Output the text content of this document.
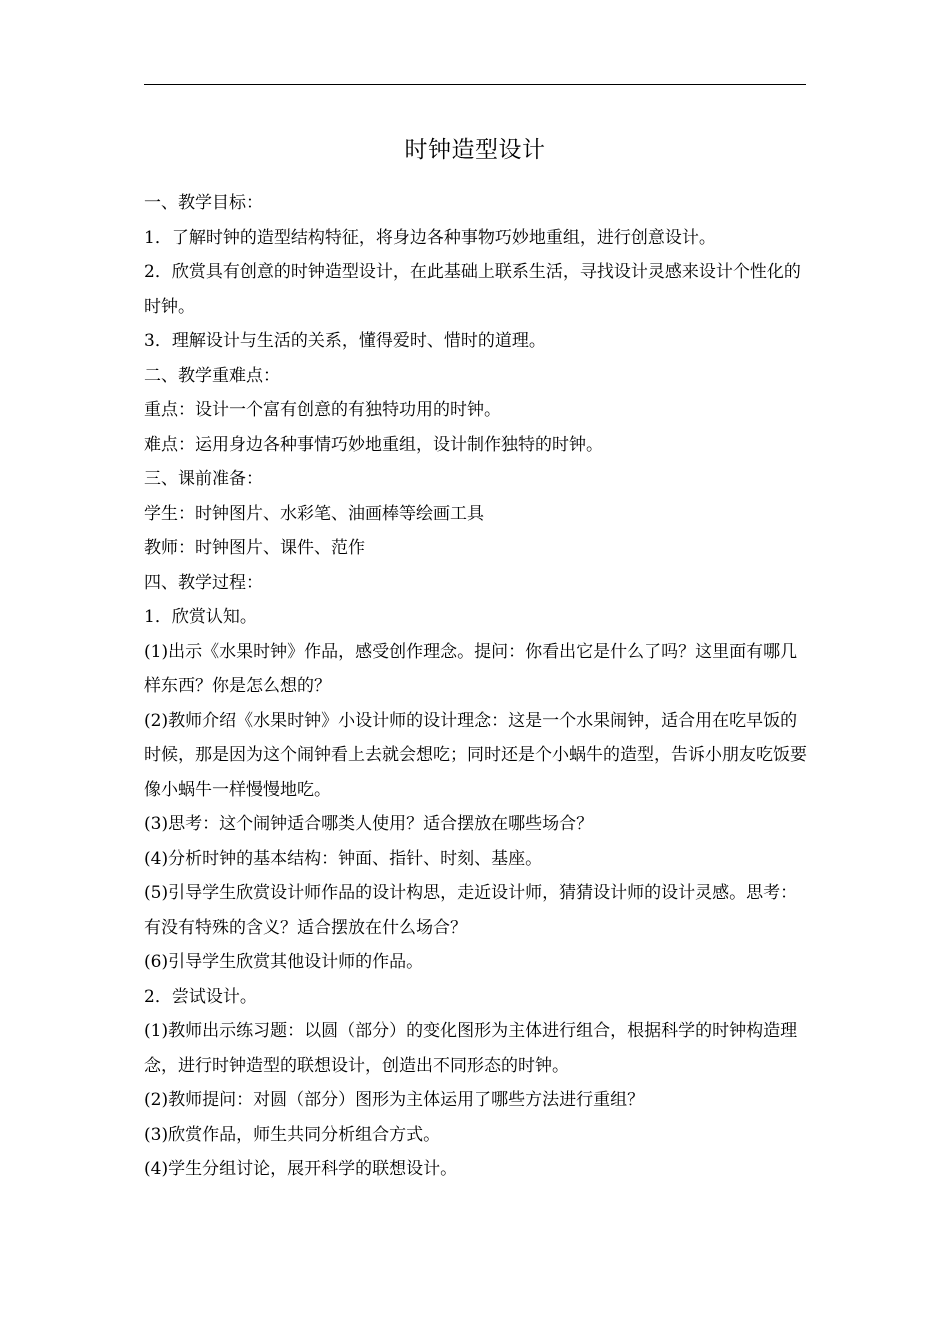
时钟造型设计

一、教学目标：

1．了解时钟的造型结构特征，将身边各种事物巧妙地重组，进行创意设计。

2．欣赏具有创意的时钟造型设计，在此基础上联系生活，寻找设计灵感来设计个性化的时钟。

3．理解设计与生活的关系，懂得爱时、惜时的道理。

二、教学重难点：

重点：设计一个富有创意的有独特功用的时钟。

难点：运用身边各种事情巧妙地重组，设计制作独特的时钟。

三、课前准备：

学生：时钟图片、水彩笔、油画棒等绘画工具

教师：时钟图片、课件、范作

四、教学过程：

1．欣赏认知。

(1)出示《水果时钟》作品，感受创作理念。提问：你看出它是什么了吗？这里面有哪几样东西？你是怎么想的？

(2)教师介绍《水果时钟》小设计师的设计理念：这是一个水果闹钟，适合用在吃早饭的时候，那是因为这个闹钟看上去就会想吃；同时还是个小蜗牛的造型，告诉小朋友吃饭要像小蜗牛一样慢慢地吃。

(3)思考：这个闹钟适合哪类人使用？适合摆放在哪些场合？

(4)分析时钟的基本结构：钟面、指针、时刻、基座。

(5)引导学生欣赏设计师作品的设计构思，走近设计师，猜猜设计师的设计灵感。思考：有没有特殊的含义？适合摆放在什么场合？

(6)引导学生欣赏其他设计师的作品。

2．尝试设计。

(1)教师出示练习题：以圆（部分）的变化图形为主体进行组合，根据科学的时钟构造理念，进行时钟造型的联想设计，创造出不同形态的时钟。

(2)教师提问：对圆（部分）图形为主体运用了哪些方法进行重组？

(3)欣赏作品，师生共同分析组合方式。

(4)学生分组讨论，展开科学的联想设计。
